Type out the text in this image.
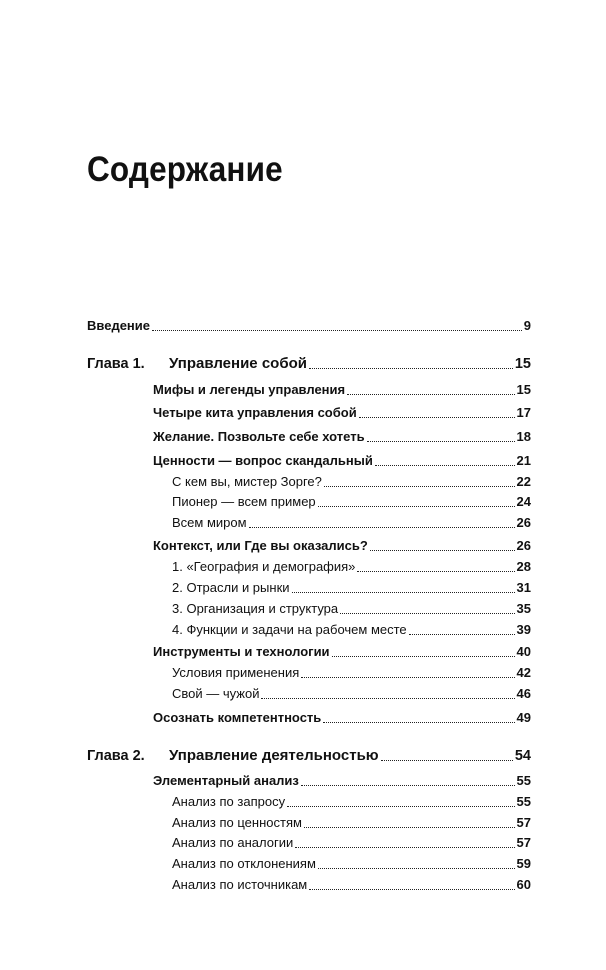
Содержание
Введение	9
Глава 1. Управление собой	15
Мифы и легенды управления	15
Четыре кита управления собой	17
Желание. Позвольте себе хотеть	18
Ценности — вопрос скандальный	21
С кем вы, мистер Зорге?	22
Пионер — всем пример	24
Всем миром	26
Контекст, или Где вы оказались?	26
1. «География и демография»	28
2. Отрасли и рынки	31
3. Организация и структура	35
4. Функции и задачи на рабочем месте	39
Инструменты и технологии	40
Условия применения	42
Свой — чужой	46
Осознать компетентность	49
Глава 2. Управление деятельностью	54
Элементарный анализ	55
Анализ по запросу	55
Анализ по ценностям	57
Анализ по аналогии	57
Анализ по отклонениям	59
Анализ по источникам	60
